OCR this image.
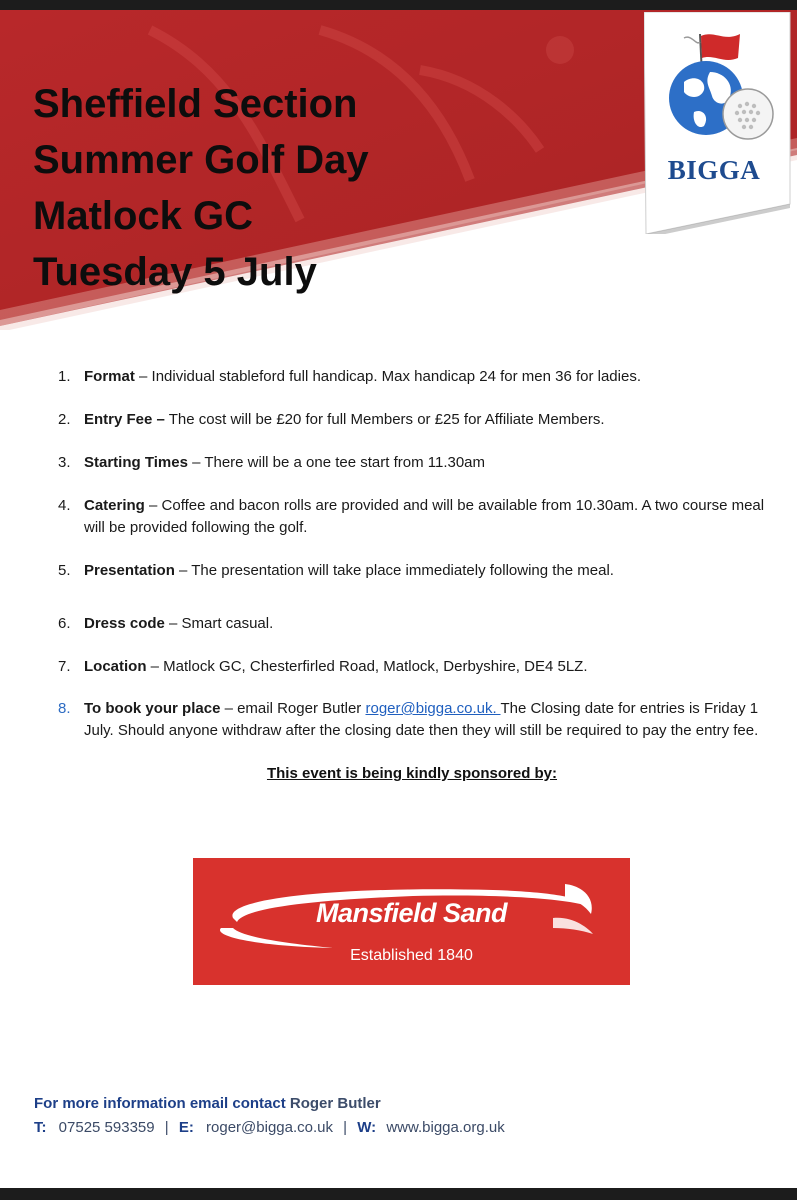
Sheffield Section
Summer Golf Day
Matlock GC
Tuesday 5 July
BIGGA
1. Format – Individual stableford full handicap. Max handicap 24 for men 36 for ladies.
2. Entry Fee – The cost will be £20 for full Members or £25 for Affiliate Members.
3. Starting Times – There will be a one tee start from 11.30am
4. Catering – Coffee and bacon rolls are provided and will be available from 10.30am. A two course meal will be provided following the golf.
5. Presentation – The presentation will take place immediately following the meal.
6. Dress code – Smart casual.
7. Location – Matlock GC, Chesterfirled Road, Matlock, Derbyshire, DE4 5LZ.
8. To book your place – email Roger Butler roger@bigga.co.uk. The Closing date for entries is Friday 1 July. Should anyone withdraw after the closing date then they will still be required to pay the entry fee.
This event is being kindly sponsored by:
Mansfield Sand
Established 1840
For more information email contact Roger Butler
T: 07525 593359 | E: roger@bigga.co.uk | W: www.bigga.org.uk
